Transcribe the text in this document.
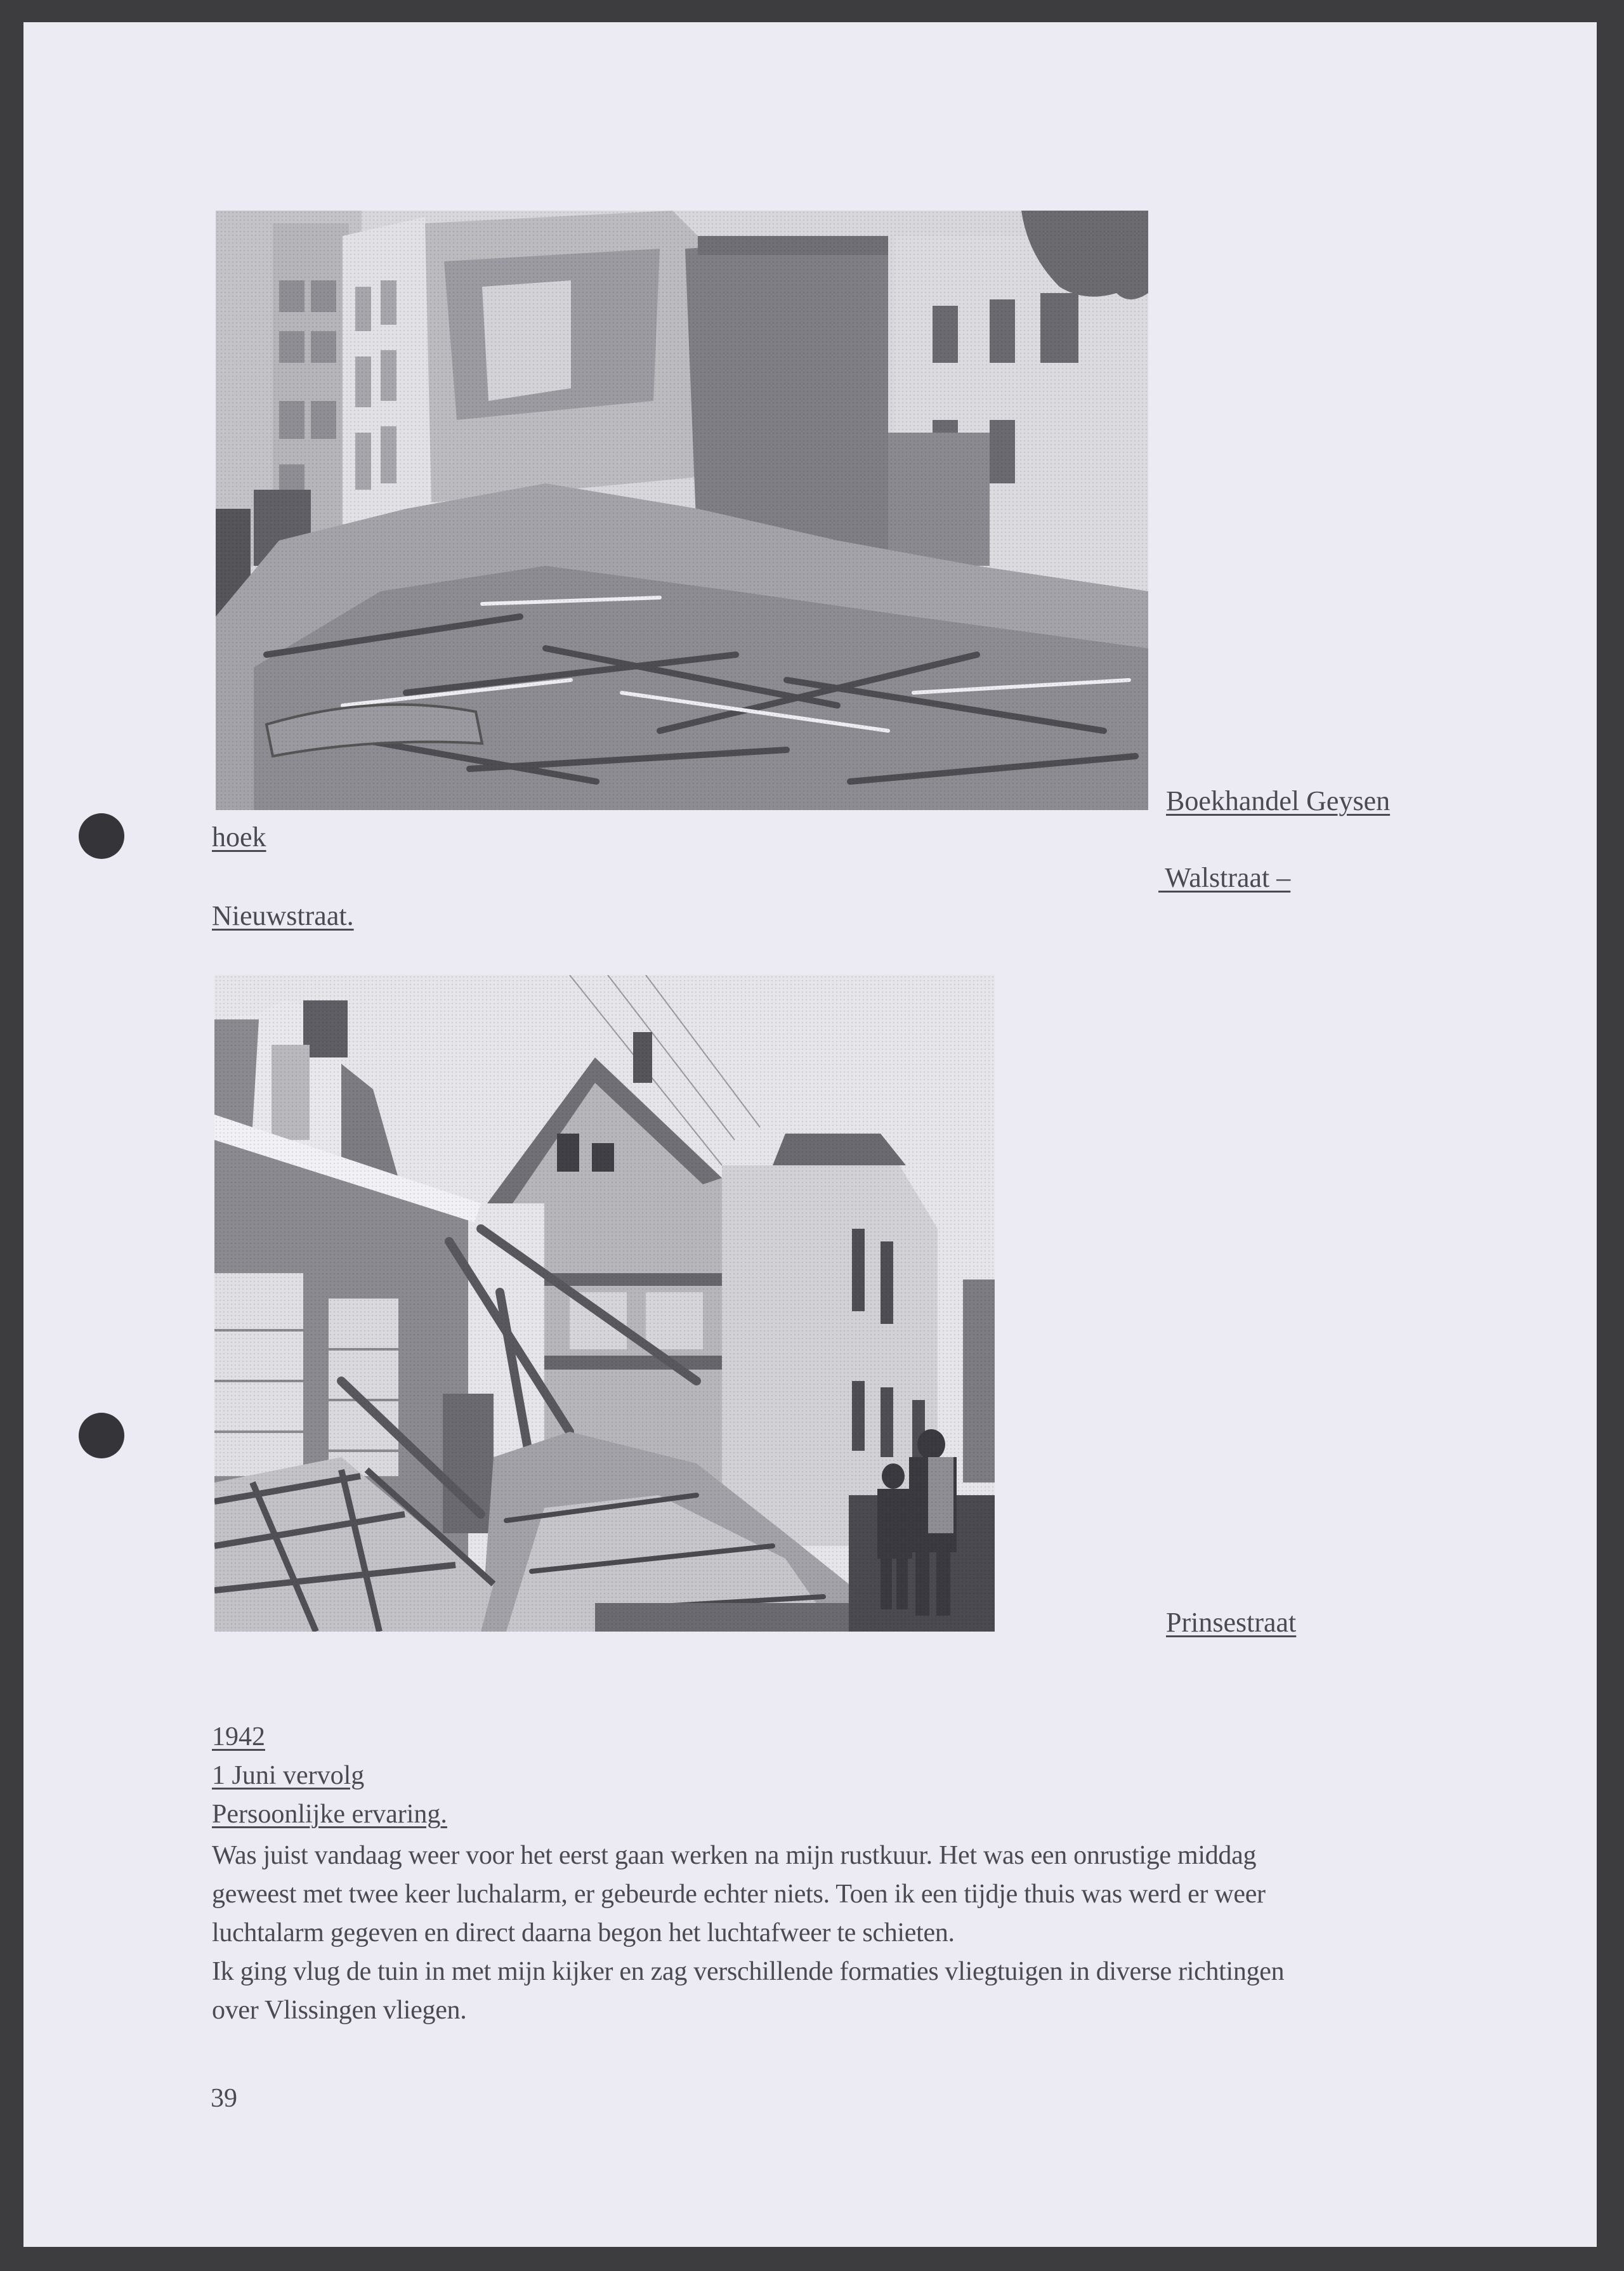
Boekhandel Geysen
hoek
Walstraat –
Nieuwstraat.
Prinsestraat
1942
1 Juni vervolg
Persoonlijke ervaring.
Was juist vandaag weer voor het eerst gaan werken na mijn rustkuur. Het was een onrustige middag
geweest met twee keer luchalarm, er gebeurde echter niets. Toen ik een tijdje thuis was werd er weer
luchtalarm gegeven en direct daarna begon het luchtafweer te schieten.
Ik ging vlug de tuin in met mijn kijker en zag verschillende formaties vliegtuigen in diverse richtingen
over Vlissingen vliegen.
39
